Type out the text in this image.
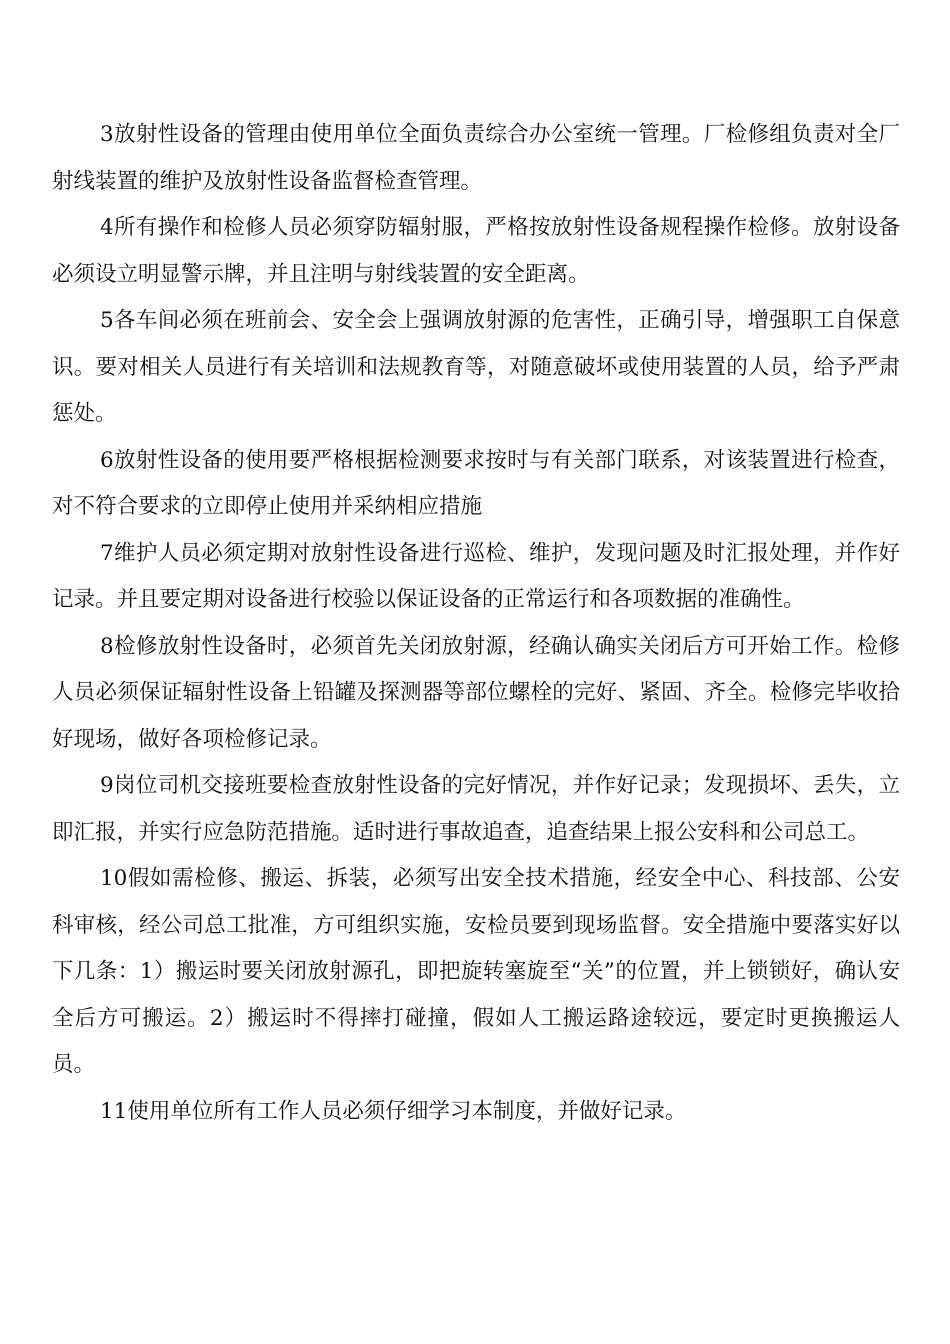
3放射性设备的管理由使用单位全面负责综合办公室统一管理。厂检修组负责对全厂射线装置的维护及放射性设备监督检查管理。

4所有操作和检修人员必须穿防辐射服，严格按放射性设备规程操作检修。放射设备必须设立明显警示牌，并且注明与射线装置的安全距离。

5各车间必须在班前会、安全会上强调放射源的危害性，正确引导，增强职工自保意识。要对相关人员进行有关培训和法规教育等，对随意破坏或使用装置的人员，给予严肃惩处。

6放射性设备的使用要严格根据检测要求按时与有关部门联系，对该装置进行检查，对不符合要求的立即停止使用并采纳相应措施

7维护人员必须定期对放射性设备进行巡检、维护，发现问题及时汇报处理，并作好记录。并且要定期对设备进行校验以保证设备的正常运行和各项数据的准确性。

8检修放射性设备时，必须首先关闭放射源，经确认确实关闭后方可开始工作。检修人员必须保证辐射性设备上铅罐及探测器等部位螺栓的完好、紧固、齐全。检修完毕收拾好现场，做好各项检修记录。

9岗位司机交接班要检查放射性设备的完好情况，并作好记录；发现损坏、丢失，立即汇报，并实行应急防范措施。适时进行事故追查，追查结果上报公安科和公司总工。

10假如需检修、搬运、拆装，必须写出安全技术措施，经安全中心、科技部、公安科审核，经公司总工批准，方可组织实施，安检员要到现场监督。安全措施中要落实好以下几条：1）搬运时要关闭放射源孔，即把旋转塞旋至“关”的位置，并上锁锁好，确认安全后方可搬运。2）搬运时不得摔打碰撞，假如人工搬运路途较远，要定时更换搬运人员。

11使用单位所有工作人员必须仔细学习本制度，并做好记录。
